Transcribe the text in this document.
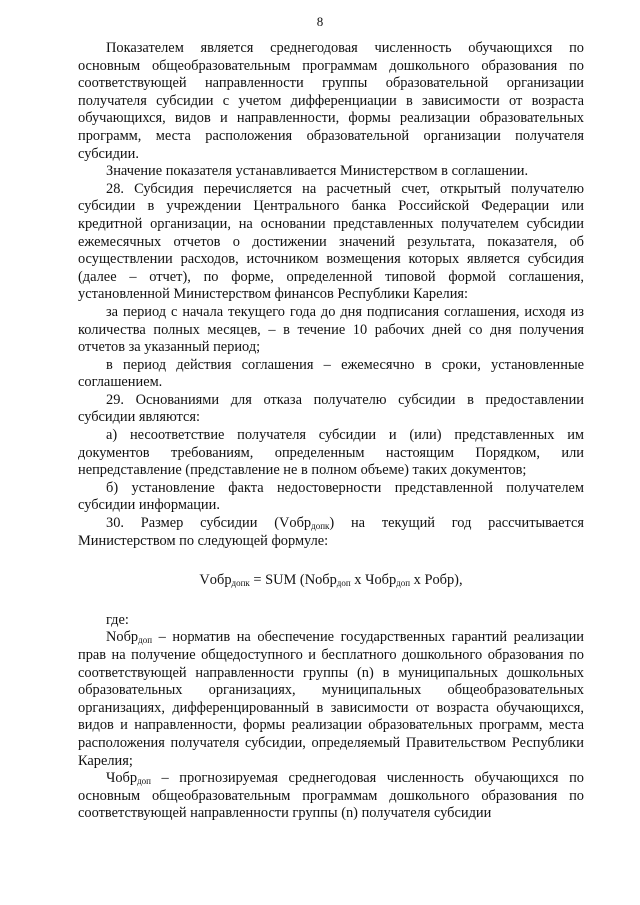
8

Показателем является среднегодовая численность обучающихся по основным общеобразовательным программам дошкольного образования по соответствующей направленности группы образовательной организации получателя субсидии с учетом дифференциации в зависимости от возраста обучающихся, видов и направленности, формы реализации образовательных программ, места расположения образовательной организации получателя субсидии.

Значение показателя устанавливается Министерством в соглашении.

28. Субсидия перечисляется на расчетный счет, открытый получателю субсидии в учреждении Центрального банка Российской Федерации или кредитной организации, на основании представленных получателем субсидии ежемесячных отчетов о достижении значений результата, показателя, об осуществлении расходов, источником возмещения которых является субсидия (далее – отчет), по форме, определенной типовой формой соглашения, установленной Министерством финансов Республики Карелия:

за период с начала текущего года до дня подписания соглашения, исходя из количества полных месяцев, – в течение 10 рабочих дней со дня получения отчетов за указанный период;

в период действия соглашения – ежемесячно в сроки, установленные соглашением.

29. Основаниями для отказа получателю субсидии в предоставлении субсидии являются:

а) несоответствие получателя субсидии и (или) представленных им документов требованиям, определенным настоящим Порядком, или непредставление (представление не в полном объеме) таких документов;

б) установление факта недостоверности представленной получателем субсидии информации.

30. Размер субсидии (Vобр$_{допк}$) на текущий год рассчитывается Министерством по следующей формуле:

Vобр$_{допк}$ = SUM (Nобр$_{доп}$ x Чобр$_{доп}$ x Pобр),

где:

Nобр$_{доп}$ – норматив на обеспечение государственных гарантий реализации прав на получение общедоступного и бесплатного дошкольного образования по соответствующей направленности группы (n) в муниципальных дошкольных образовательных организациях, муниципальных общеобразовательных организациях, дифференцированный в зависимости от возраста обучающихся, видов и направленности, формы реализации образовательных программ, места расположения получателя субсидии, определяемый Правительством Республики Карелия;

Чобр$_{доп}$ – прогнозируемая среднегодовая численность обучающихся по основным общеобразовательным программам дошкольного образования по соответствующей направленности группы (n) получателя субсидии
